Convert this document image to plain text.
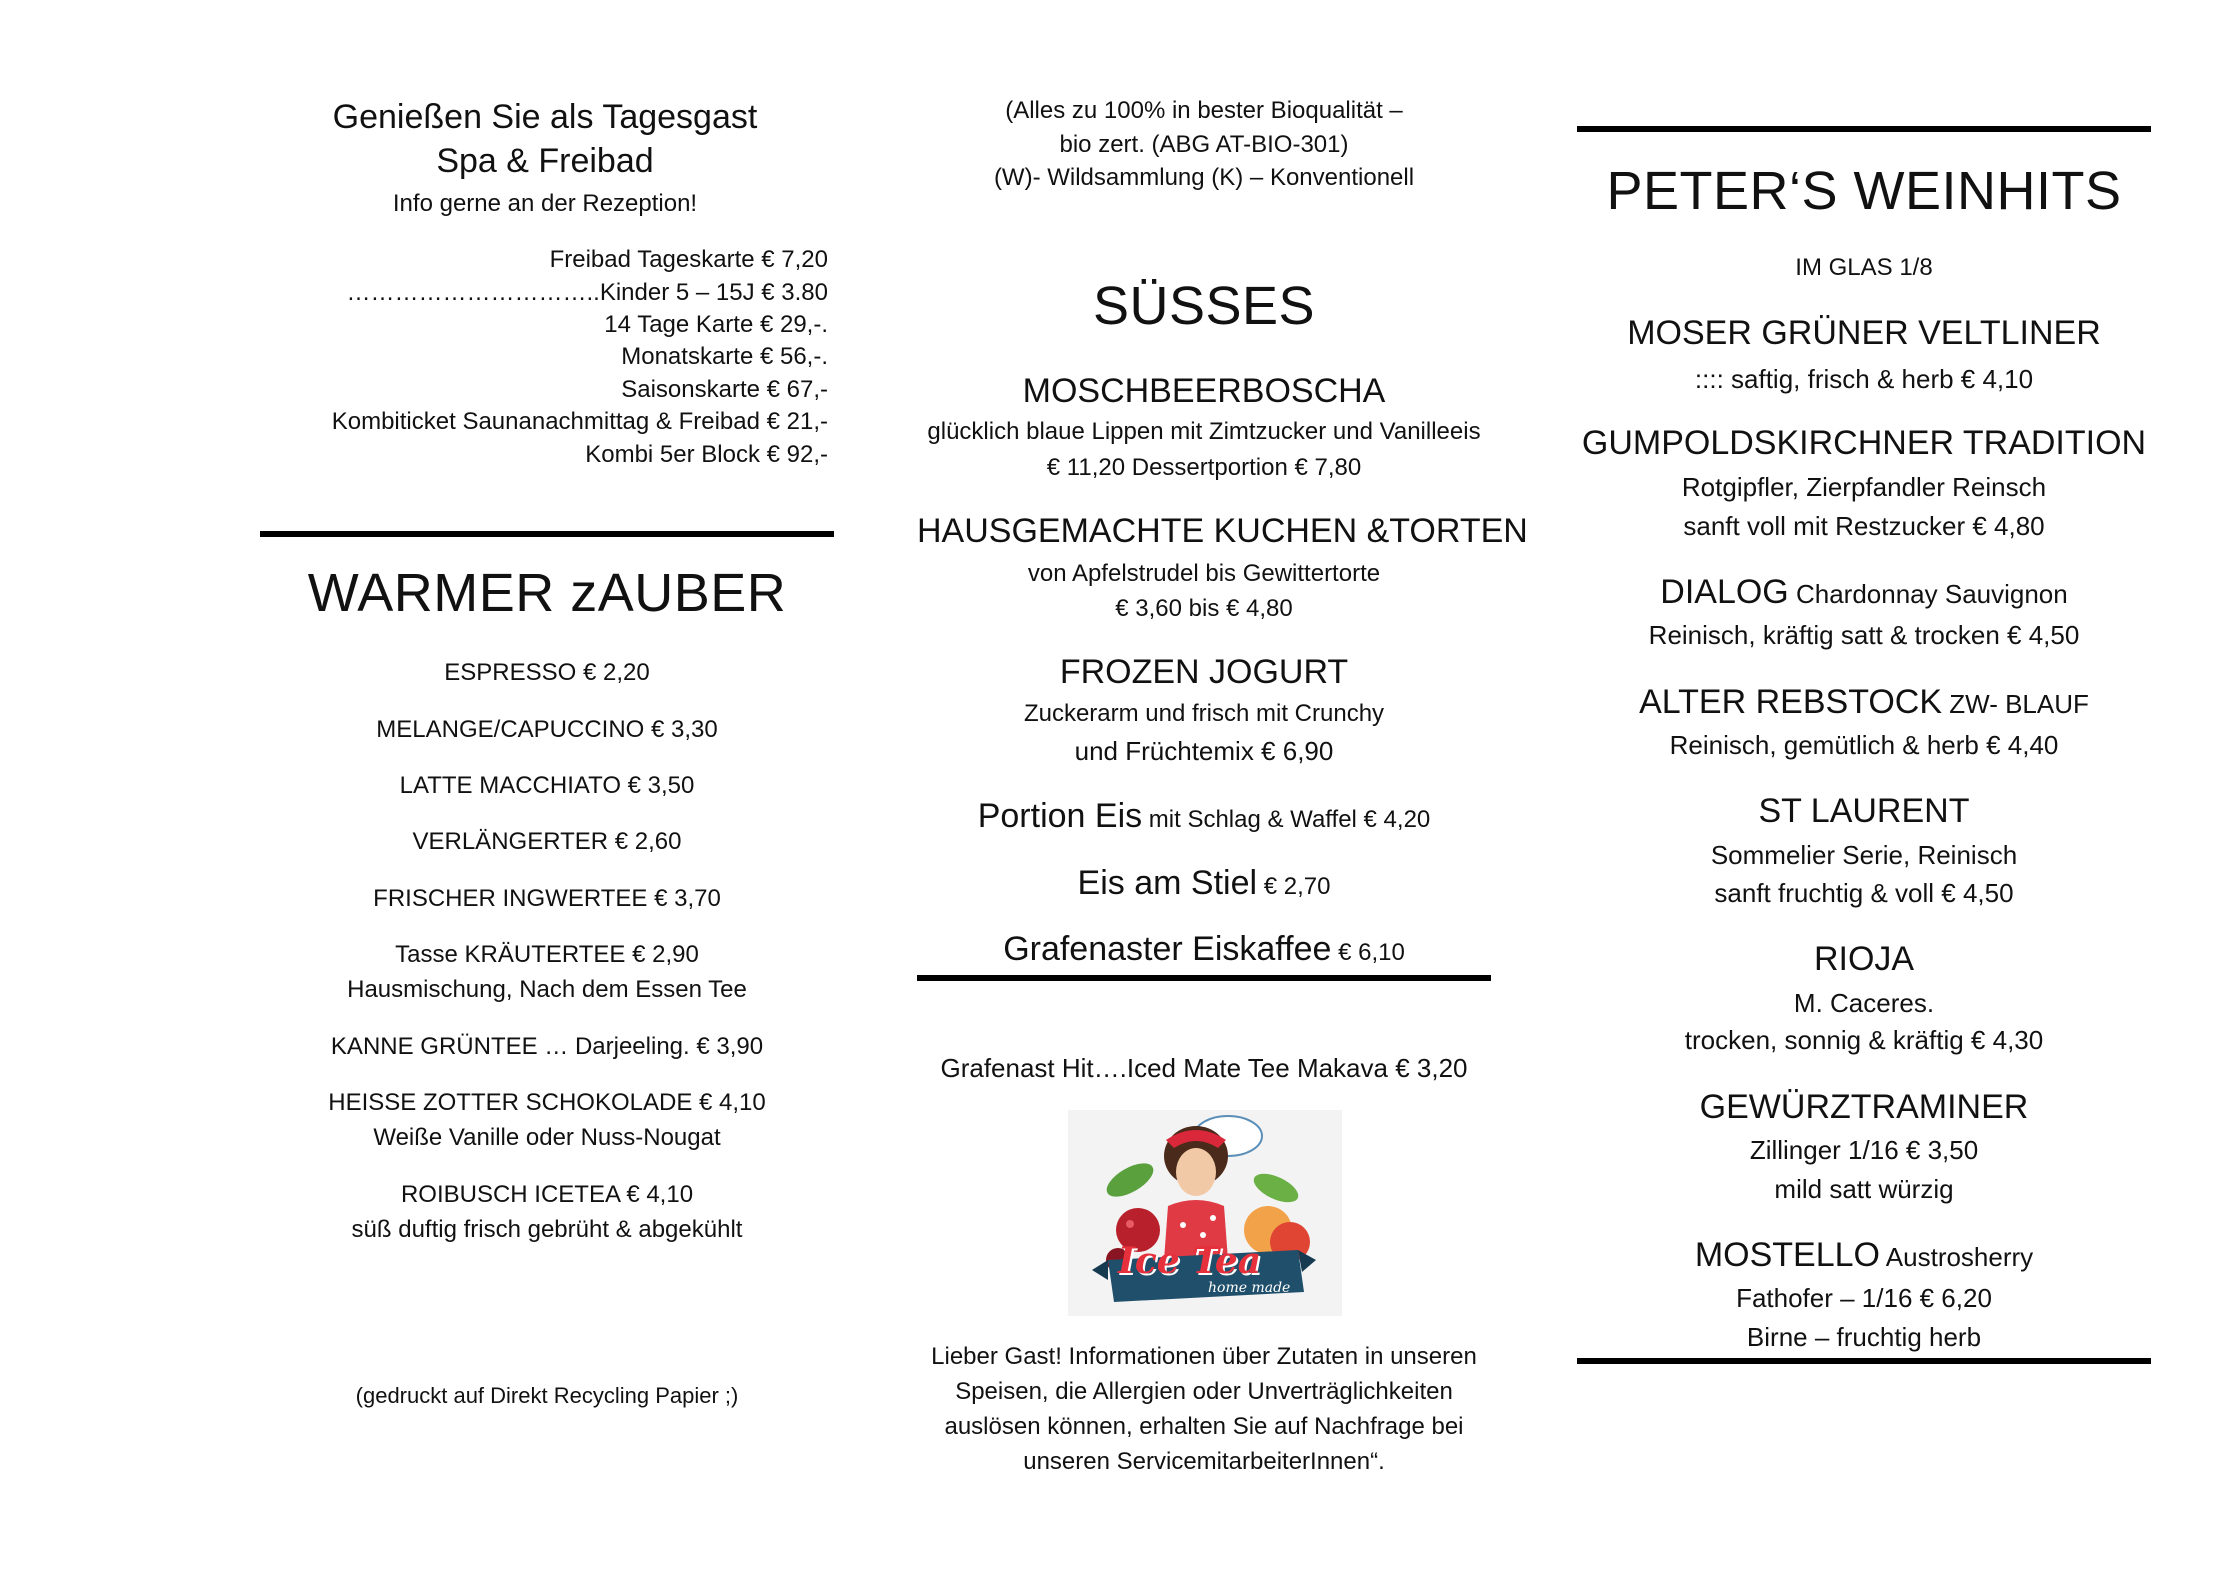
Genießen Sie als Tagesgast
Spa & Freibad
Info gerne an der Rezeption!
Freibad Tageskarte € 7,20
…………………………..Kinder 5 – 15J € 3.80
14 Tage Karte € 29,-.
Monatskarte € 56,-.
Saisonskarte € 67,-
Kombiticket Saunanachmittag & Freibad € 21,-
Kombi 5er Block € 92,-
WARMER zAUBER
ESPRESSO € 2,20
MELANGE/CAPUCCINO € 3,30
LATTE MACCHIATO € 3,50
VERLÄNGERTER € 2,60
FRISCHER INGWERTEE € 3,70
Tasse KRÄUTERTEE € 2,90
Hausmischung, Nach dem Essen Tee
KANNE GRÜNTEE … Darjeeling. € 3,90
HEISSE ZOTTER SCHOKOLADE € 4,10
Weiße Vanille oder Nuss-Nougat
ROIBUSCH ICETEA € 4,10
süß duftig frisch gebrüht & abgekühlt
(gedruckt auf Direkt Recycling Papier ;)
(Alles zu 100% in bester Bioqualität –
bio zert. (ABG AT-BIO-301)
(W)- Wildsammlung (K) – Konventionell
SÜSSES
MOSCHBEERBOSCHA
glücklich blaue Lippen mit Zimtzucker und Vanilleeis
€ 11,20 Dessertportion € 7,80
HAUSGEMACHTE KUCHEN &TORTEN
von Apfelstrudel bis Gewittertorte
€ 3,60 bis € 4,80
FROZEN JOGURT
Zuckerarm und frisch mit Crunchy
und Früchtemix € 6,90
Portion Eis mit Schlag & Waffel € 4,20
Eis am Stiel € 2,70
Grafenaster Eiskaffee € 6,10
Grafenast Hit….Iced Mate Tee Makava € 3,20
Ice Tea
home made
Lieber Gast! Informationen über Zutaten in unseren
Speisen, die Allergien oder Unverträglichkeiten
auslösen können, erhalten Sie auf Nachfrage bei
unseren ServicemitarbeiterInnen“.
PETER‘S WEINHITS
IM GLAS 1/8
MOSER GRÜNER VELTLINER
:::: saftig, frisch & herb € 4,10
GUMPOLDSKIRCHNER TRADITION
Rotgipfler, Zierpfandler Reinsch
sanft voll mit Restzucker € 4,80
DIALOG Chardonnay Sauvignon
Reinisch, kräftig satt & trocken € 4,50
ALTER REBSTOCK ZW- BLAUF
Reinisch, gemütlich & herb € 4,40
ST LAURENT
Sommelier Serie, Reinisch
sanft fruchtig & voll € 4,50
RIOJA
M. Caceres.
trocken, sonnig & kräftig € 4,30
GEWÜRZTRAMINER
Zillinger 1/16 € 3,50
mild satt würzig
MOSTELLO Austrosherry
Fathofer – 1/16 € 6,20
Birne – fruchtig herb
